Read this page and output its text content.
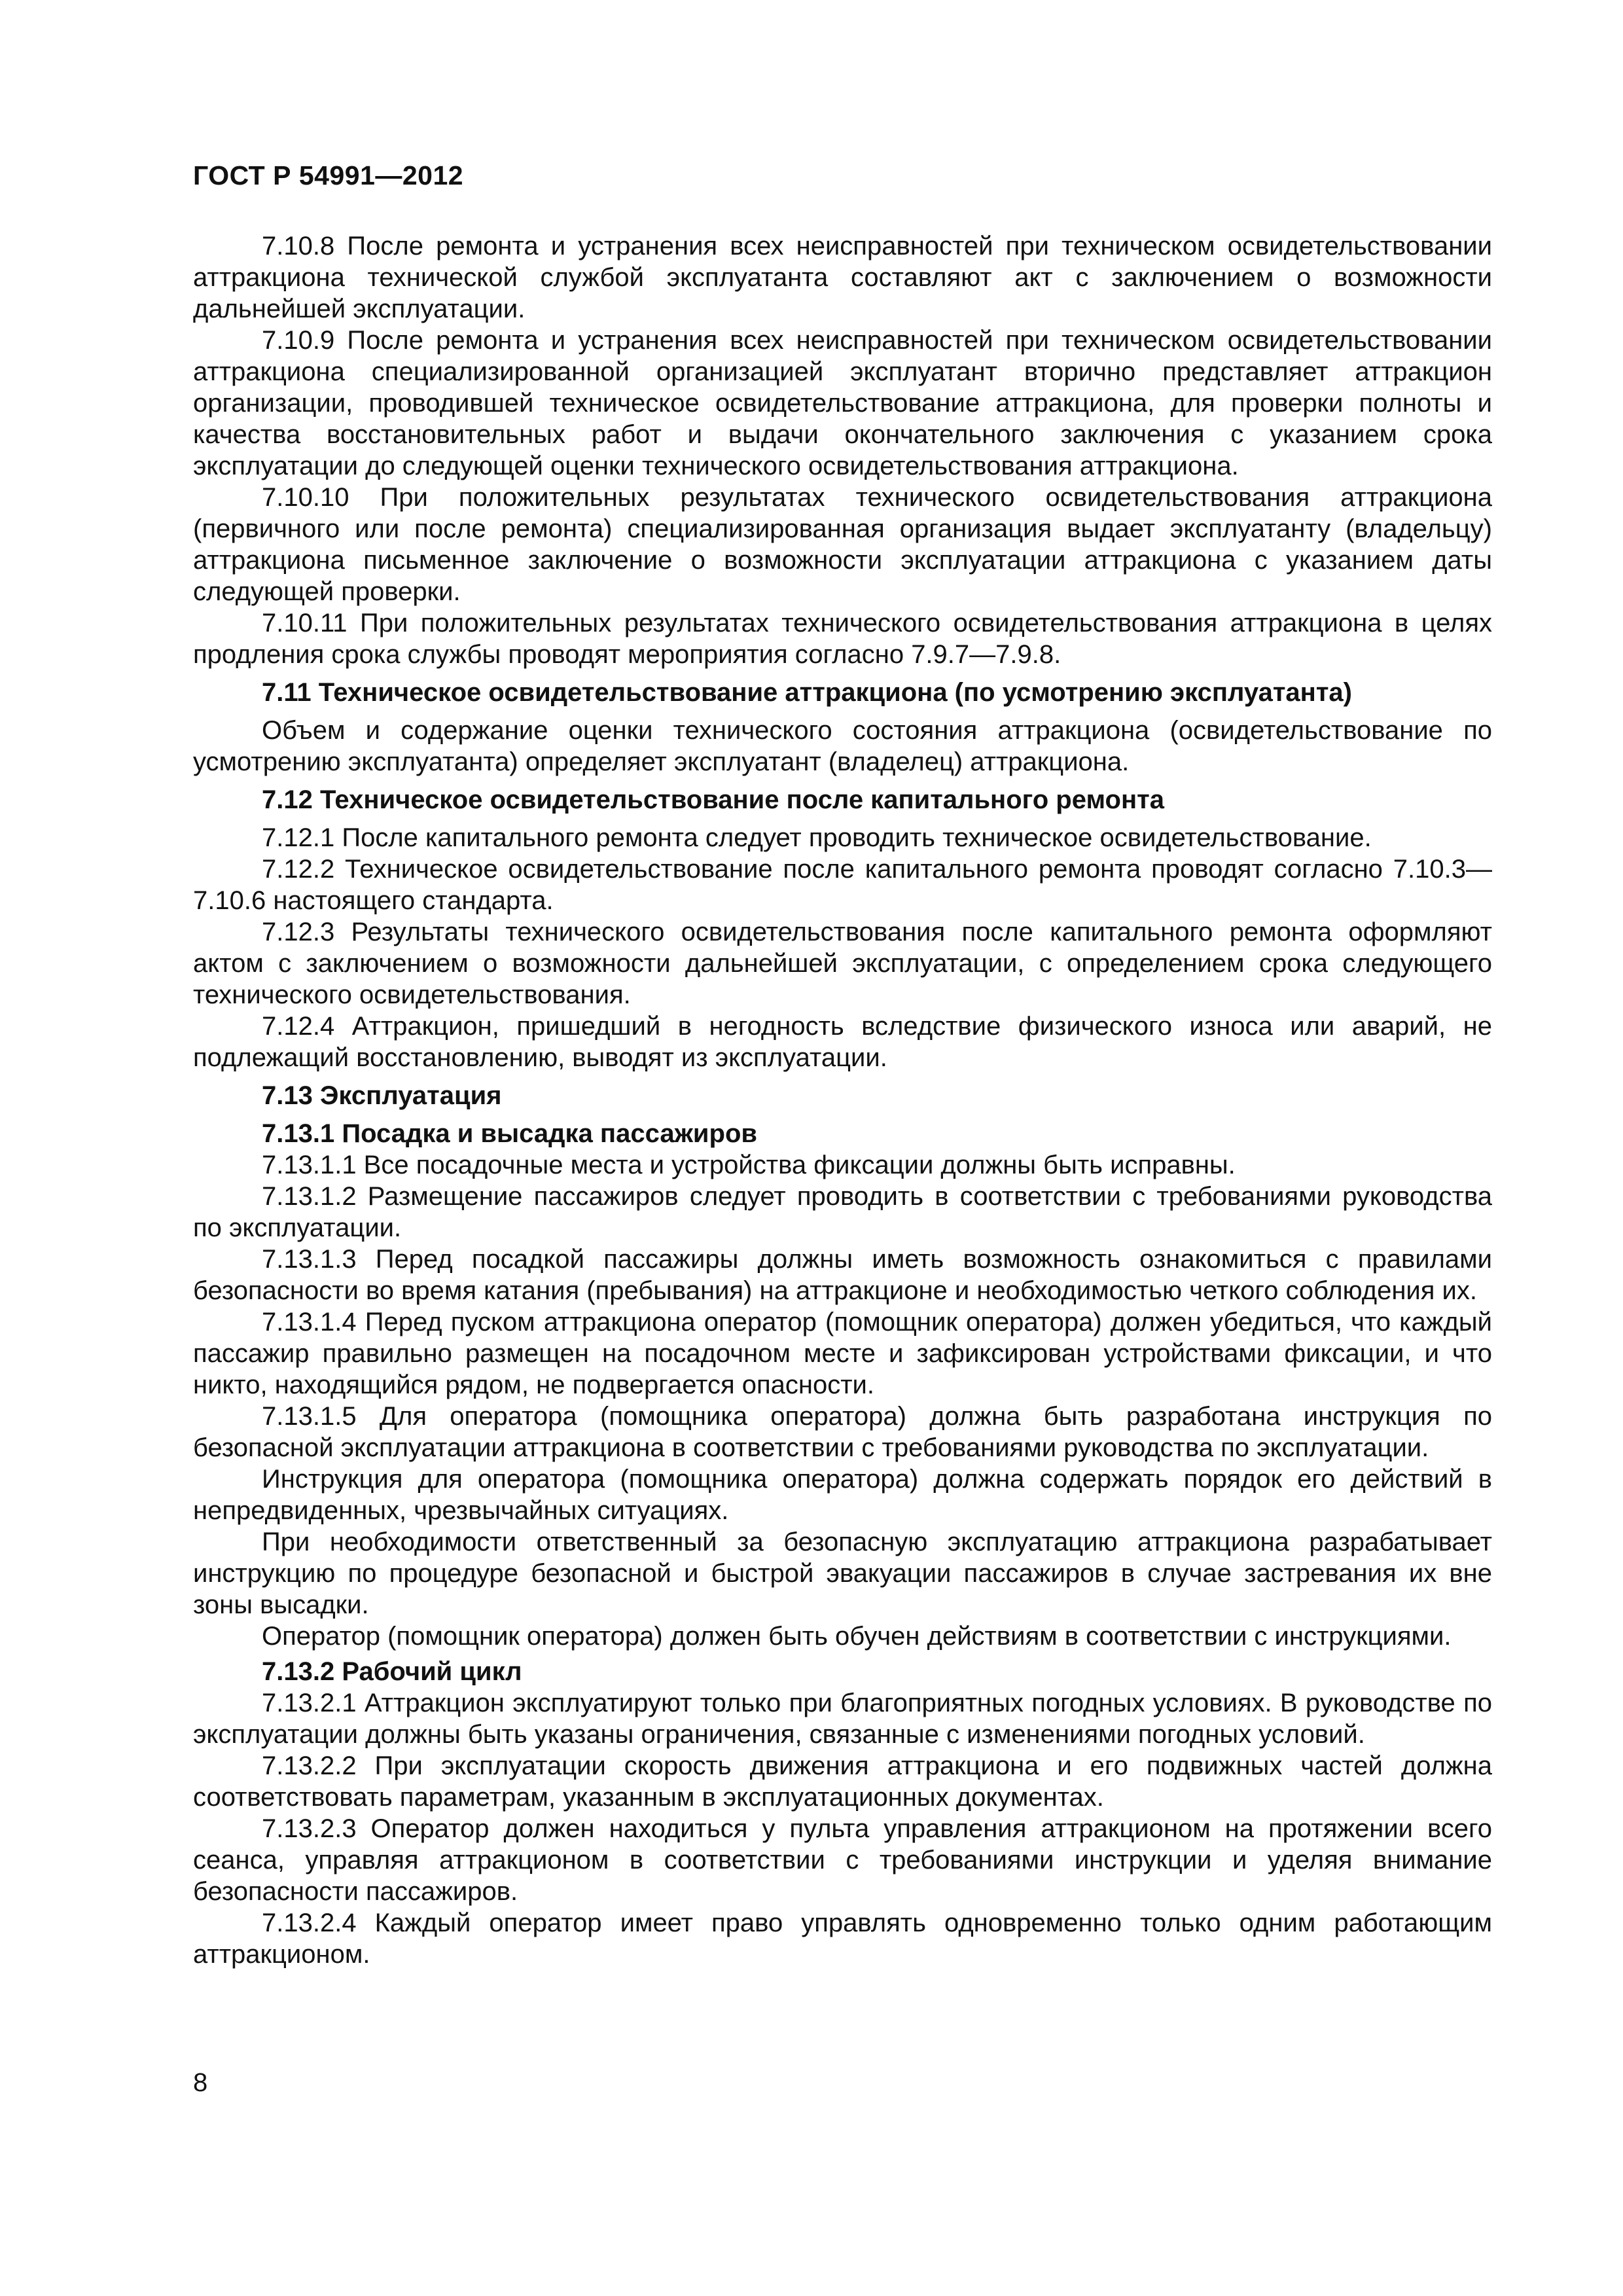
ГОСТ Р 54991—2012

7.10.8 После ремонта и устранения всех неисправностей при техническом освидетельствовании аттракциона технической службой эксплуатанта составляют акт с заключением о возможности дальнейшей эксплуатации.

7.10.9 После ремонта и устранения всех неисправностей при техническом освидетельствовании аттракциона специализированной организацией эксплуатант вторично представляет аттракцион организации, проводившей техническое освидетельствование аттракциона, для проверки полноты и качества восстановительных работ и выдачи окончательного заключения с указанием срока эксплуатации до следующей оценки технического освидетельствования аттракциона.

7.10.10 При положительных результатах технического освидетельствования аттракциона (первичного или после ремонта) специализированная организация выдает эксплуатанту (владельцу) аттракциона письменное заключение о возможности эксплуатации аттракциона с указанием даты следующей проверки.

7.10.11 При положительных результатах технического освидетельствования аттракциона в целях продления срока службы проводят мероприятия согласно 7.9.7—7.9.8.

7.11 Техническое освидетельствование аттракциона (по усмотрению эксплуатанта)

Объем и содержание оценки технического состояния аттракциона (освидетельствование по усмотрению эксплуатанта) определяет эксплуатант (владелец) аттракциона.

7.12 Техническое освидетельствование после капитального ремонта

7.12.1 После капитального ремонта следует проводить техническое освидетельствование.

7.12.2 Техническое освидетельствование после капитального ремонта проводят согласно 7.10.3—7.10.6 настоящего стандарта.

7.12.3 Результаты технического освидетельствования после капитального ремонта оформляют актом с заключением о возможности дальнейшей эксплуатации, с определением срока следующего технического освидетельствования.

7.12.4 Аттракцион, пришедший в негодность вследствие физического износа или аварий, не подлежащий восстановлению, выводят из эксплуатации.

7.13 Эксплуатация
7.13.1 Посадка и высадка пассажиров

7.13.1.1 Все посадочные места и устройства фиксации должны быть исправны.

7.13.1.2 Размещение пассажиров следует проводить в соответствии с требованиями руководства по эксплуатации.

7.13.1.3 Перед посадкой пассажиры должны иметь возможность ознакомиться с правилами безопасности во время катания (пребывания) на аттракционе и необходимостью четкого соблюдения их.

7.13.1.4 Перед пуском аттракциона оператор (помощник оператора) должен убедиться, что каждый пассажир правильно размещен на посадочном месте и зафиксирован устройствами фиксации, и что никто, находящийся рядом, не подвергается опасности.

7.13.1.5 Для оператора (помощника оператора) должна быть разработана инструкция по безопасной эксплуатации аттракциона в соответствии с требованиями руководства по эксплуатации.

Инструкция для оператора (помощника оператора) должна содержать порядок его действий в непредвиденных, чрезвычайных ситуациях.

При необходимости ответственный за безопасную эксплуатацию аттракциона разрабатывает инструкцию по процедуре безопасной и быстрой эвакуации пассажиров в случае застревания их вне зоны высадки.

Оператор (помощник оператора) должен быть обучен действиям в соответствии с инструкциями.

7.13.2 Рабочий цикл

7.13.2.1 Аттракцион эксплуатируют только при благоприятных погодных условиях. В руководстве по эксплуатации должны быть указаны ограничения, связанные с изменениями погодных условий.

7.13.2.2 При эксплуатации скорость движения аттракциона и его подвижных частей должна соответствовать параметрам, указанным в эксплуатационных документах.

7.13.2.3 Оператор должен находиться у пульта управления аттракционом на протяжении всего сеанса, управляя аттракционом в соответствии с требованиями инструкции и уделяя внимание безопасности пассажиров.

7.13.2.4 Каждый оператор имеет право управлять одновременно только одним работающим аттракционом.

8
